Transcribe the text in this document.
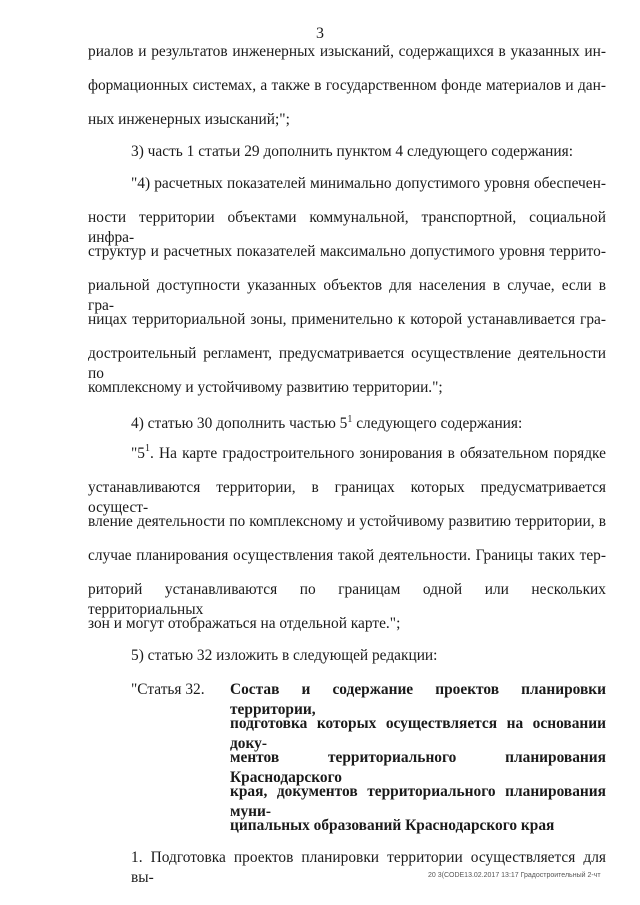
3
риалов и результатов инженерных изысканий, содержащихся в указанных ин-
формационных системах, а также в государственном фонде материалов и дан-
ных инженерных изысканий;";
3) часть 1 статьи 29 дополнить пунктом 4 следующего содержания:
"4) расчетных показателей минимально допустимого уровня обеспечен-
ности территории объектами коммунальной, транспортной, социальной инфра-
структур и расчетных показателей максимально допустимого уровня террито-
риальной доступности указанных объектов для населения в случае, если в гра-
ницах территориальной зоны, применительно к которой устанавливается гра-
достроительный регламент, предусматривается осуществление деятельности по
комплексному и устойчивому развитию территории.";
4) статью 30 дополнить частью $5^1$ следующего содержания:
"5 1 . На карте градостроительного зонирования в обязательном порядке
устанавливаются территории, в границах которых предусматривается осущест-
вление деятельности по комплексному и устойчивому развитию территории, в
случае планирования осуществления такой деятельности. Границы таких тер-
риторий устанавливаются по границам одной или нескольких территориальных
зон и могут отображаться на отдельной карте.";
5) статью 32 изложить в следующей редакции:
"Статья 32. Состав и содержание проектов планировки территории,
подготовка которых осуществляется на основании доку-
ментов территориального планирования Краснодарского
края, документов территориального планирования муни-
ципальных образований Краснодарского края
1. Подготовка проектов планировки территории осуществляется для вы-	20 3(CODE13.02.2017 13:17 Градостроительный 2-чт
